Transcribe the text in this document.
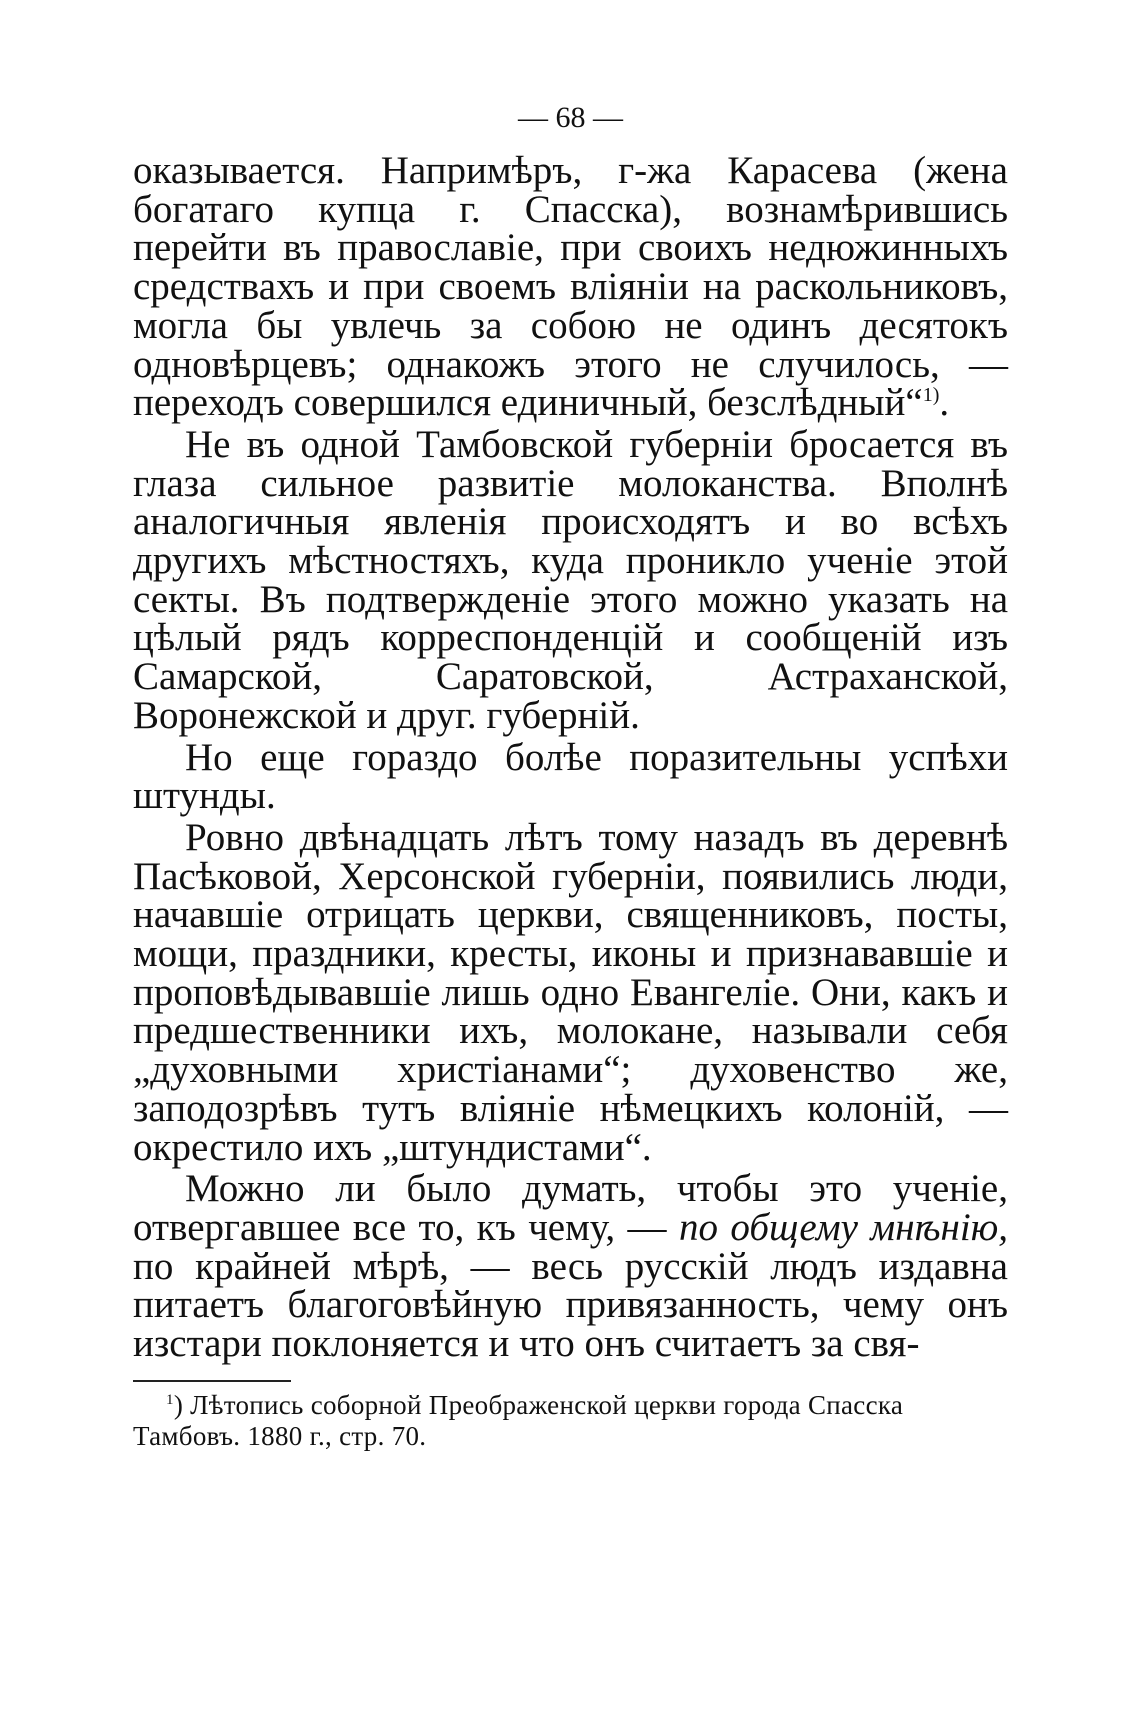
— 68 —

оказывается. Напримѣръ, г-жа Карасева (жена богатаго купца г. Спасска), вознамѣрившись перейти въ православіе, при своихъ недюжинныхъ средствахъ и при своемъ вліяніи на раскольниковъ, могла бы увлечь за собою не одинъ десятокъ одновѣрцевъ; однакожъ этого не случилось, — переходъ совершился единичный, безслѣдный“$^{1)}$.

Не въ одной Тамбовской губерніи бросается въ глаза сильное развитіе молоканства. Вполнѣ аналогичныя явленія происходятъ и во всѣхъ другихъ мѣстностяхъ, куда проникло ученіе этой секты. Въ подтвержденіе этого можно указать на цѣлый рядъ корреспонденцій и сообщеній изъ Самарской, Саратовской, Астраханской, Воронежской и друг. губерній.

Но еще гораздо болѣе поразительны успѣхи штунды.

Ровно двѣнадцать лѣтъ тому назадъ въ деревнѣ Пасѣковой, Херсонской губерніи, появились люди, начавшіе отрицать церкви, священниковъ, посты, мощи, праздники, кресты, иконы и признававшіе и проповѣдывавшіе лишь одно Евангеліе. Они, какъ и предшественники ихъ, молокане, называли себя „духовными христіанами“; духовенство же, заподозрѣвъ тутъ вліяніе нѣмецкихъ колоній, — окрестило ихъ „штундистами“.

Можно ли было думать, чтобы это ученіе, отвергавшее все то, къ чему, — по общему мнѣнію, по крайней мѣрѣ, — весь русскій людъ издавна питаетъ благоговѣйную привязанность, чему онъ изстари поклоняется и что онъ считаетъ за свя-

$^1$) Лѣтопись соборной Преображенской церкви города Спасска Тамбовъ. 1880 г., стр. 70.
